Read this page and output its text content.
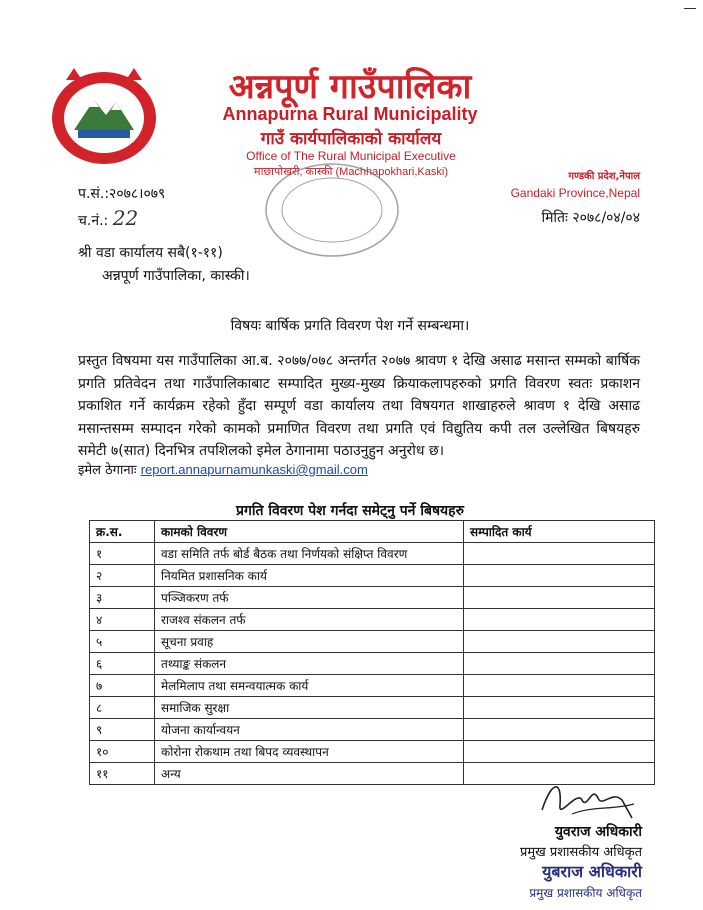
अन्नपूर्ण गाउँपालिका
Annapurna Rural Municipality
गाउँ कार्यपालिकाको कार्यालय
Office of The Rural Municipal Executive
माछापोखरी, कास्की (Machhapokhari,Kaski)	गण्डकी प्रदेश,नेपाल
Gandaki Province,Nepal
प.सं.:२०७८।०७९
च.नं.: 22	मितिः २०७८/०४/०४
श्री वडा कार्यालय सबै(१-११)
अन्नपूर्ण गाउँपालिका, कास्की।
विषयः बार्षिक प्रगति विवरण पेश गर्ने सम्बन्धमा।
प्रस्तुत विषयमा यस गाउँपालिका आ.ब. २०७७/०७८ अन्तर्गत २०७७ श्रावण १ देखि असाढ मसान्त सम्मको बार्षिक प्रगति प्रतिवेदन तथा गाउँपालिकाबाट सम्पादित मुख्य-मुख्य क्रियाकलापहरुको प्रगति विवरण स्वतः प्रकाशन प्रकाशित गर्ने कार्यक्रम रहेको हुँदा सम्पूर्ण वडा कार्यालय तथा विषयगत शाखाहरुले श्रावण १ देखि असाढ मसान्तसम्म सम्पादन गरेको कामको प्रमाणित विवरण तथा प्रगति एवं विद्युतिय कपी तल उल्लेखित बिषयहरु समेटी ७(सात) दिनभित्र तपशिलको इमेल ठेगानामा पठाउनुहुन अनुरोध छ।
इमेल ठेगानाः report.annapurnamunkaski@gmail.com
प्रगति विवरण पेश गर्नदा समेट्नु पर्ने बिषयहरु
क्र.स.	कामको विवरण	सम्पादित कार्य
१	वडा समिति तर्फ बोर्ड बैठक तथा निर्णयको संक्षिप्त विवरण	
२	नियमित प्रशासनिक कार्य	
३	पञ्जिकरण तर्फ	
४	राजश्व संकलन तर्फ	
५	सूचना प्रवाह	
६	तथ्याङ्क संकलन	
७	मेलमिलाप तथा समन्वयात्मक कार्य	
८	समाजिक सुरक्षा	
९	योजना कार्यान्वयन	
१०	कोरोना रोकथाम तथा बिपद व्यवस्थापन	
११	अन्य	
युवराज अधिकारी
प्रमुख प्रशासकीय अधिकृत
युबराज अधिकारी
प्रमुख प्रशासकीय अधिकृत
